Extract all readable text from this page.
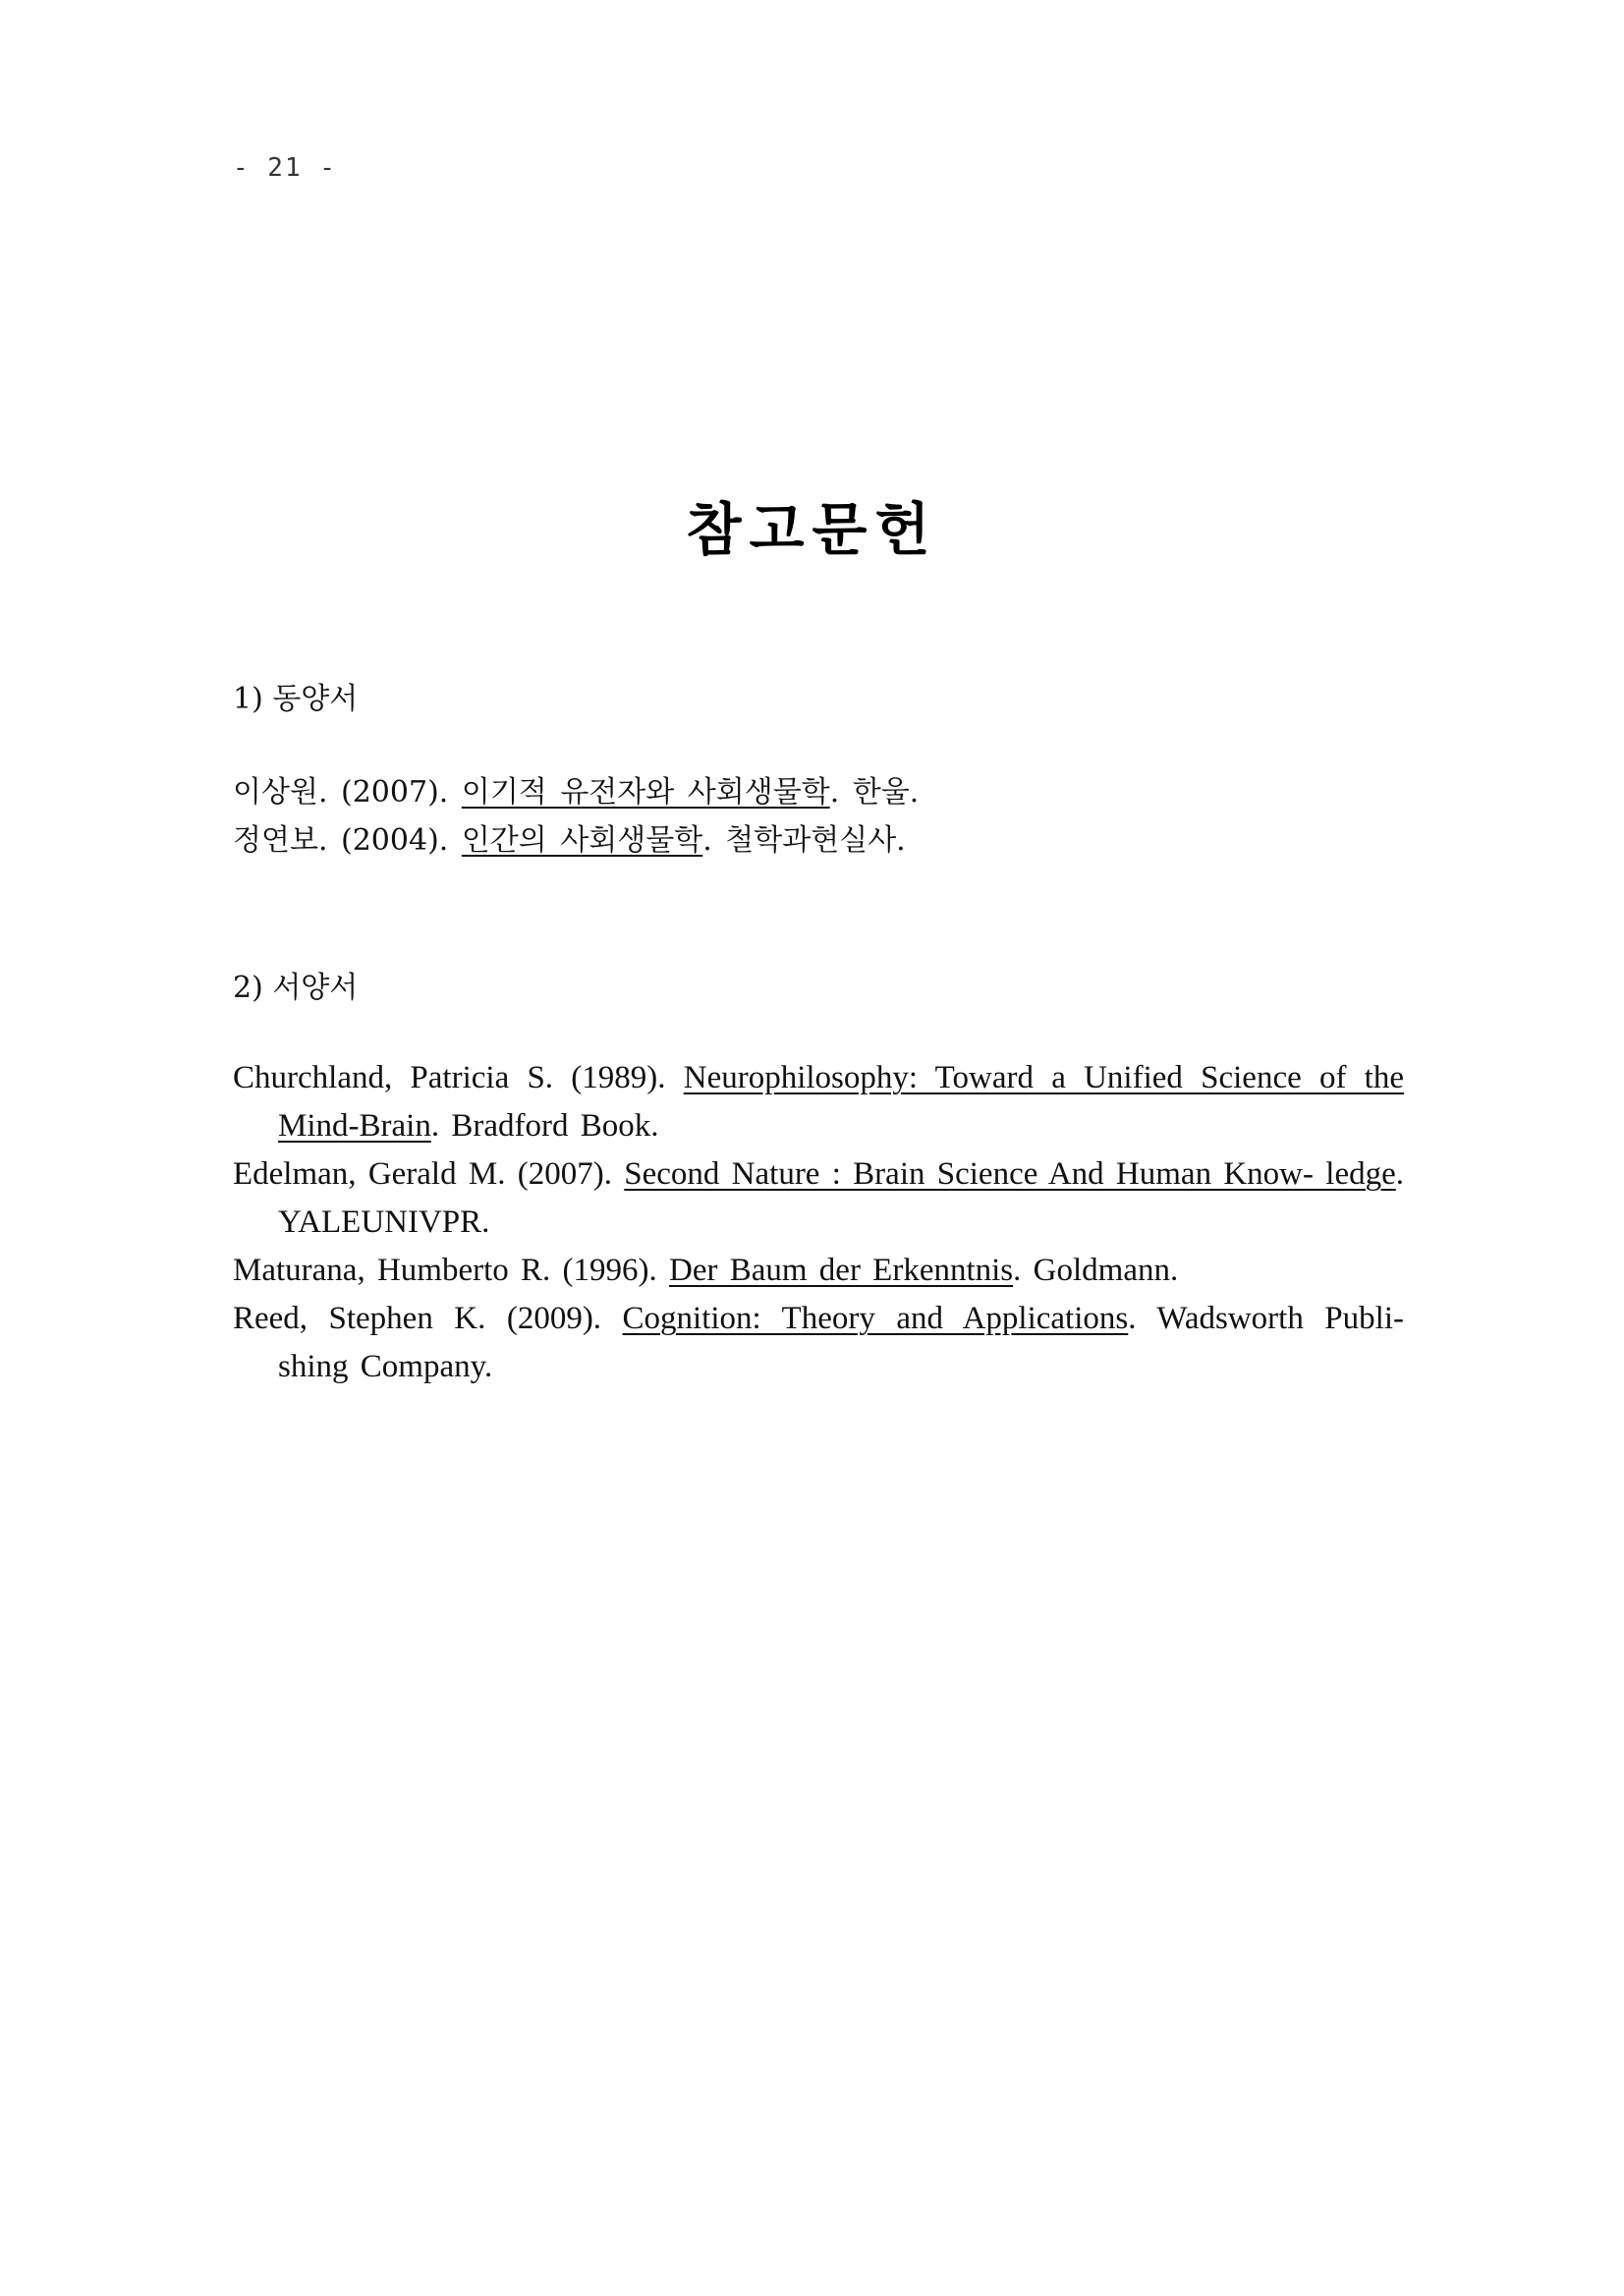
- 21 -
참고문헌
1) 동양서

이상원. (2007). 이기적 유전자와 사회생물학. 한울.

정연보. (2004). 인간의 사회생물학. 철학과현실사.

2) 서양서

Churchland, Patricia S. (1989). Neurophilosophy: Toward a Unified Science of the Mind-Brain. Bradford Book.

Edelman, Gerald M. (2007). Second Nature : Brain Science And Human Know- ledge. YALEUNIVPR.

Maturana, Humberto R. (1996). Der Baum der Erkenntnis. Goldmann.

Reed, Stephen K. (2009). Cognition: Theory and Applications. Wadsworth Publi- shing Company.
